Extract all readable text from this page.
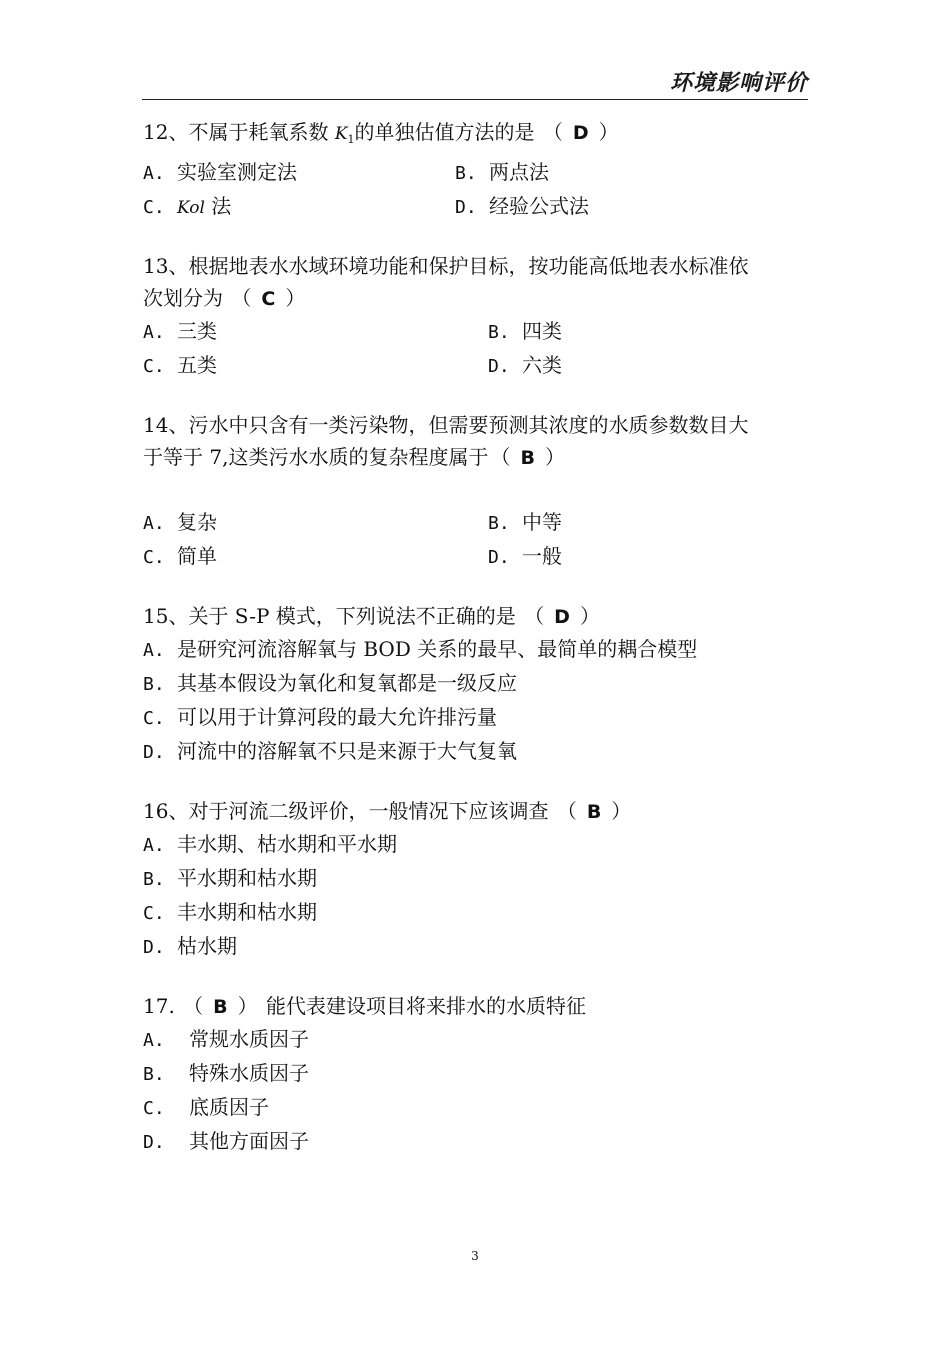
环境影响评价
12、不属于耗氧系数 $K_1$的单独估值方法的是 （ D ）
A. 实验室测定法	B. 两点法
C. Kol 法	D. 经验公式法
13、根据地表水水域环境功能和保护目标，按功能高低地表水标准依
次划分为 （ C ）
A. 三类	B. 四类
C. 五类	D. 六类
14、污水中只含有一类污染物，但需要预测其浓度的水质参数数目大
于等于 7,这类污水水质的复杂程度属于 （ B ）
A. 复杂	B. 中等
C. 简单	D. 一般
15、关于 S-P 模式，下列说法不正确的是 （ D ）
A. 是研究河流溶解氧与 BOD 关系的最早、最简单的耦合模型
B. 其基本假设为氧化和复氧都是一级反应
C. 可以用于计算河段的最大允许排污量
D. 河流中的溶解氧不只是来源于大气复氧
16、对于河流二级评价，一般情况下应该调查 （ B ）
A. 丰水期、枯水期和平水期
B. 平水期和枯水期
C. 丰水期和枯水期
D. 枯水期
17. （ B ） 能代表建设项目将来排水的水质特征
A. 常规水质因子
B. 特殊水质因子
C. 底质因子
D. 其他方面因子
3
